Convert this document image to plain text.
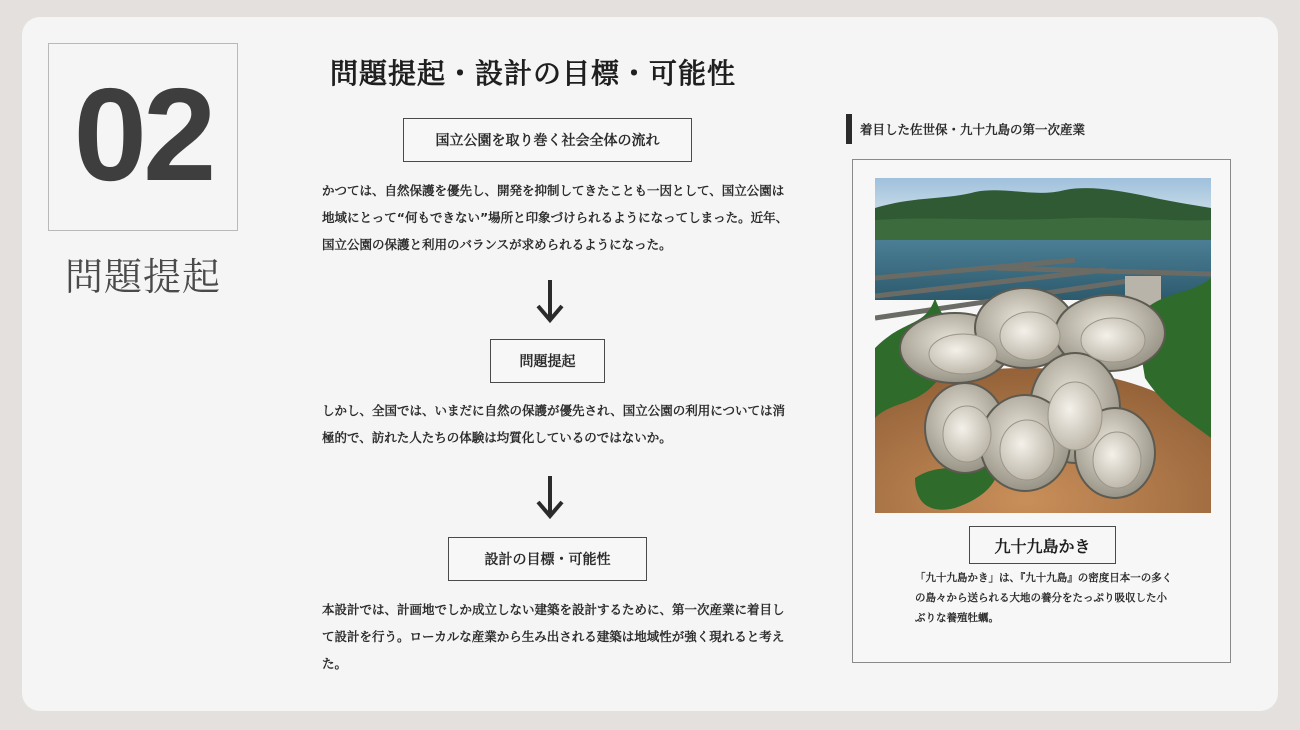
02
問題提起
問題提起・設計の目標・可能性
国立公園を取り巻く社会全体の流れ
かつては、自然保護を優先し、開発を抑制してきたことも一因として、国立公園は地域にとって“何もできない”場所と印象づけられるようになってしまった。近年、国立公園の保護と利用のバランスが求められるようになった。
問題提起
しかし、全国では、いまだに自然の保護が優先され、国立公園の利用については消極的で、訪れた人たちの体験は均質化しているのではないか。
設計の目標・可能性
本設計では、計画地でしか成立しない建築を設計するために、第一次産業に着目して設計を行う。ローカルな産業から生み出される建築は地域性が強く現れると考えた。
着目した佐世保・九十九島の第一次産業
九十九島かき
「九十九島かき」は、『九十九島』の密度日本一の多くの島々から送られる大地の養分をたっぷり吸収した小ぶりな養殖牡蠣。
